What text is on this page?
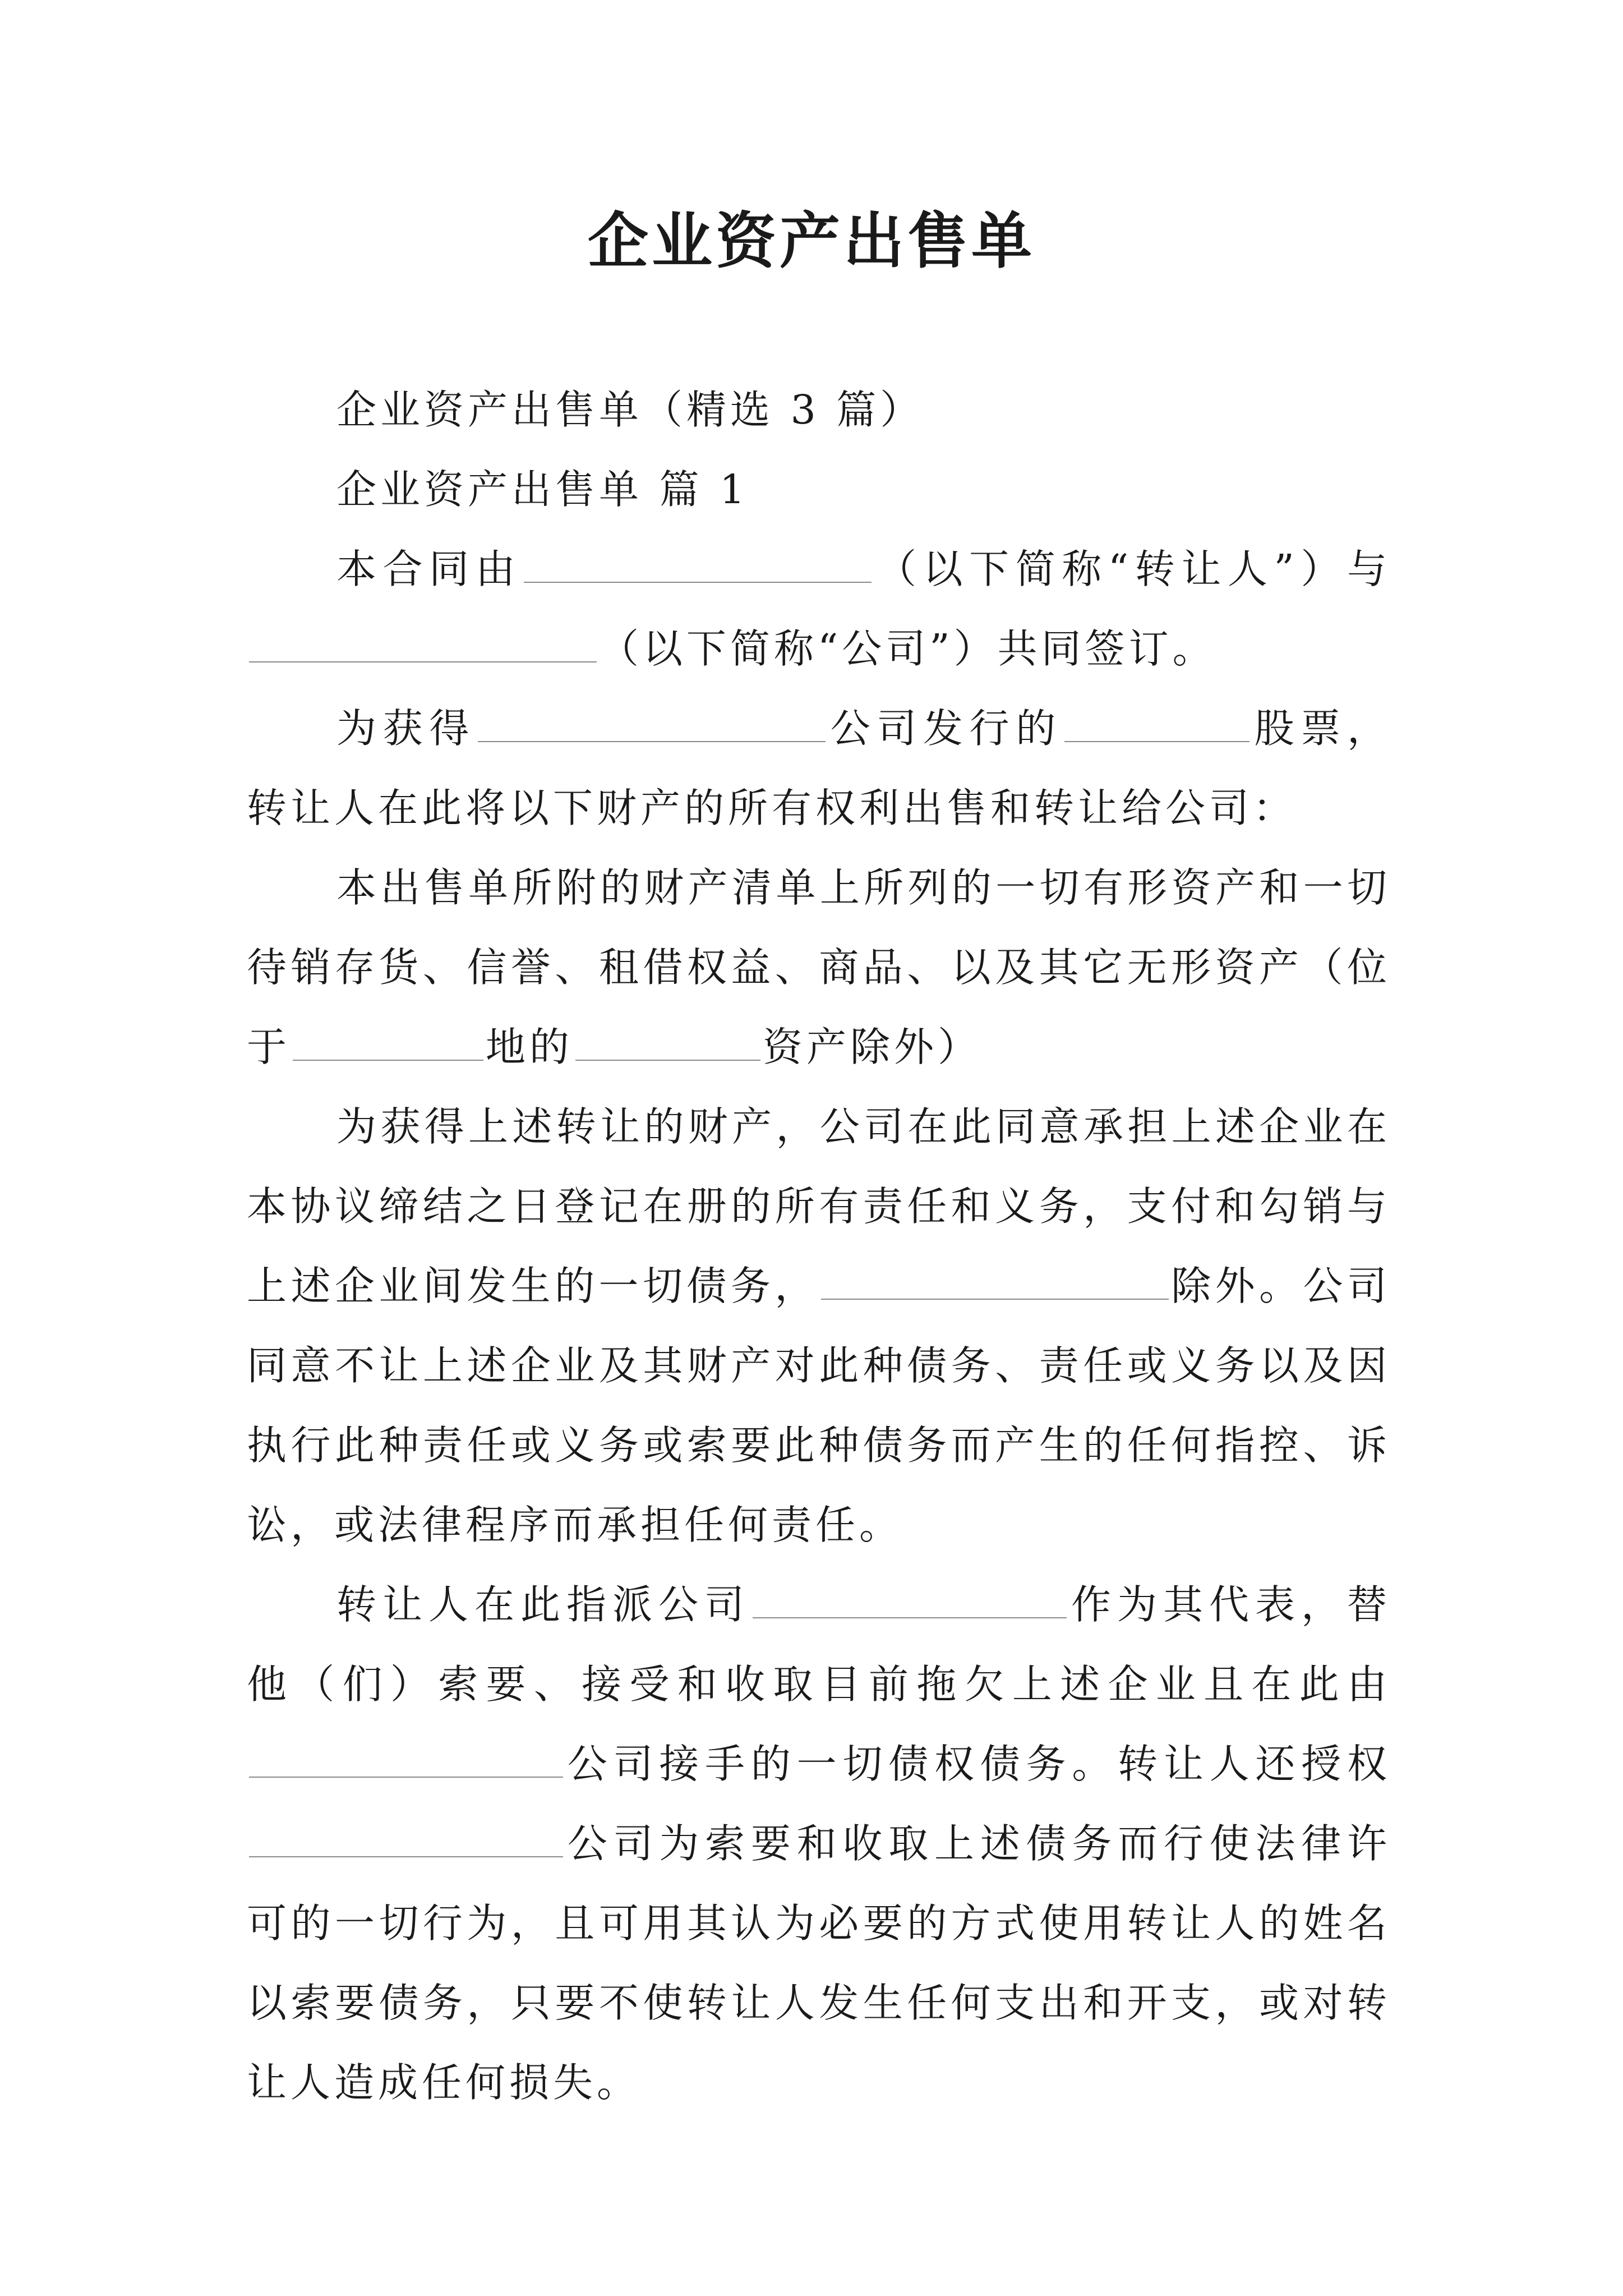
企业资产出售单

企业资产出售单（精选 3 篇）

企业资产出售单 篇 1

本合同由	（以下简称“转让人”）与（以下简称“公司”）共同签订。

为获得	公司发行的	股票，转让人在此将以下财产的所有权利出售和转让给公司：

本出售单所附的财产清单上所列的一切有形资产和一切待销存货、信誉、租借权益、商品、以及其它无形资产（位于	地的	资产除外）

为获得上述转让的财产，公司在此同意承担上述企业在本协议缔结之日登记在册的所有责任和义务，支付和勾销与上述企业间发生的一切债务，	除外。公司同意不让上述企业及其财产对此种债务、责任或义务以及因执行此种责任或义务或索要此种债务而产生的任何指控、诉讼，或法律程序而承担任何责任。

转让人在此指派公司	作为其代表，替他（们）索要、接受和收取目前拖欠上述企业且在此由公司接手的一切债权债务。转让人还授权公司为索要和收取上述债务而行使法律许可的一切行为，且可用其认为必要的方式使用转让人的姓名以索要债务，只要不使转让人发生任何支出和开支，或对转让人造成任何损失。
